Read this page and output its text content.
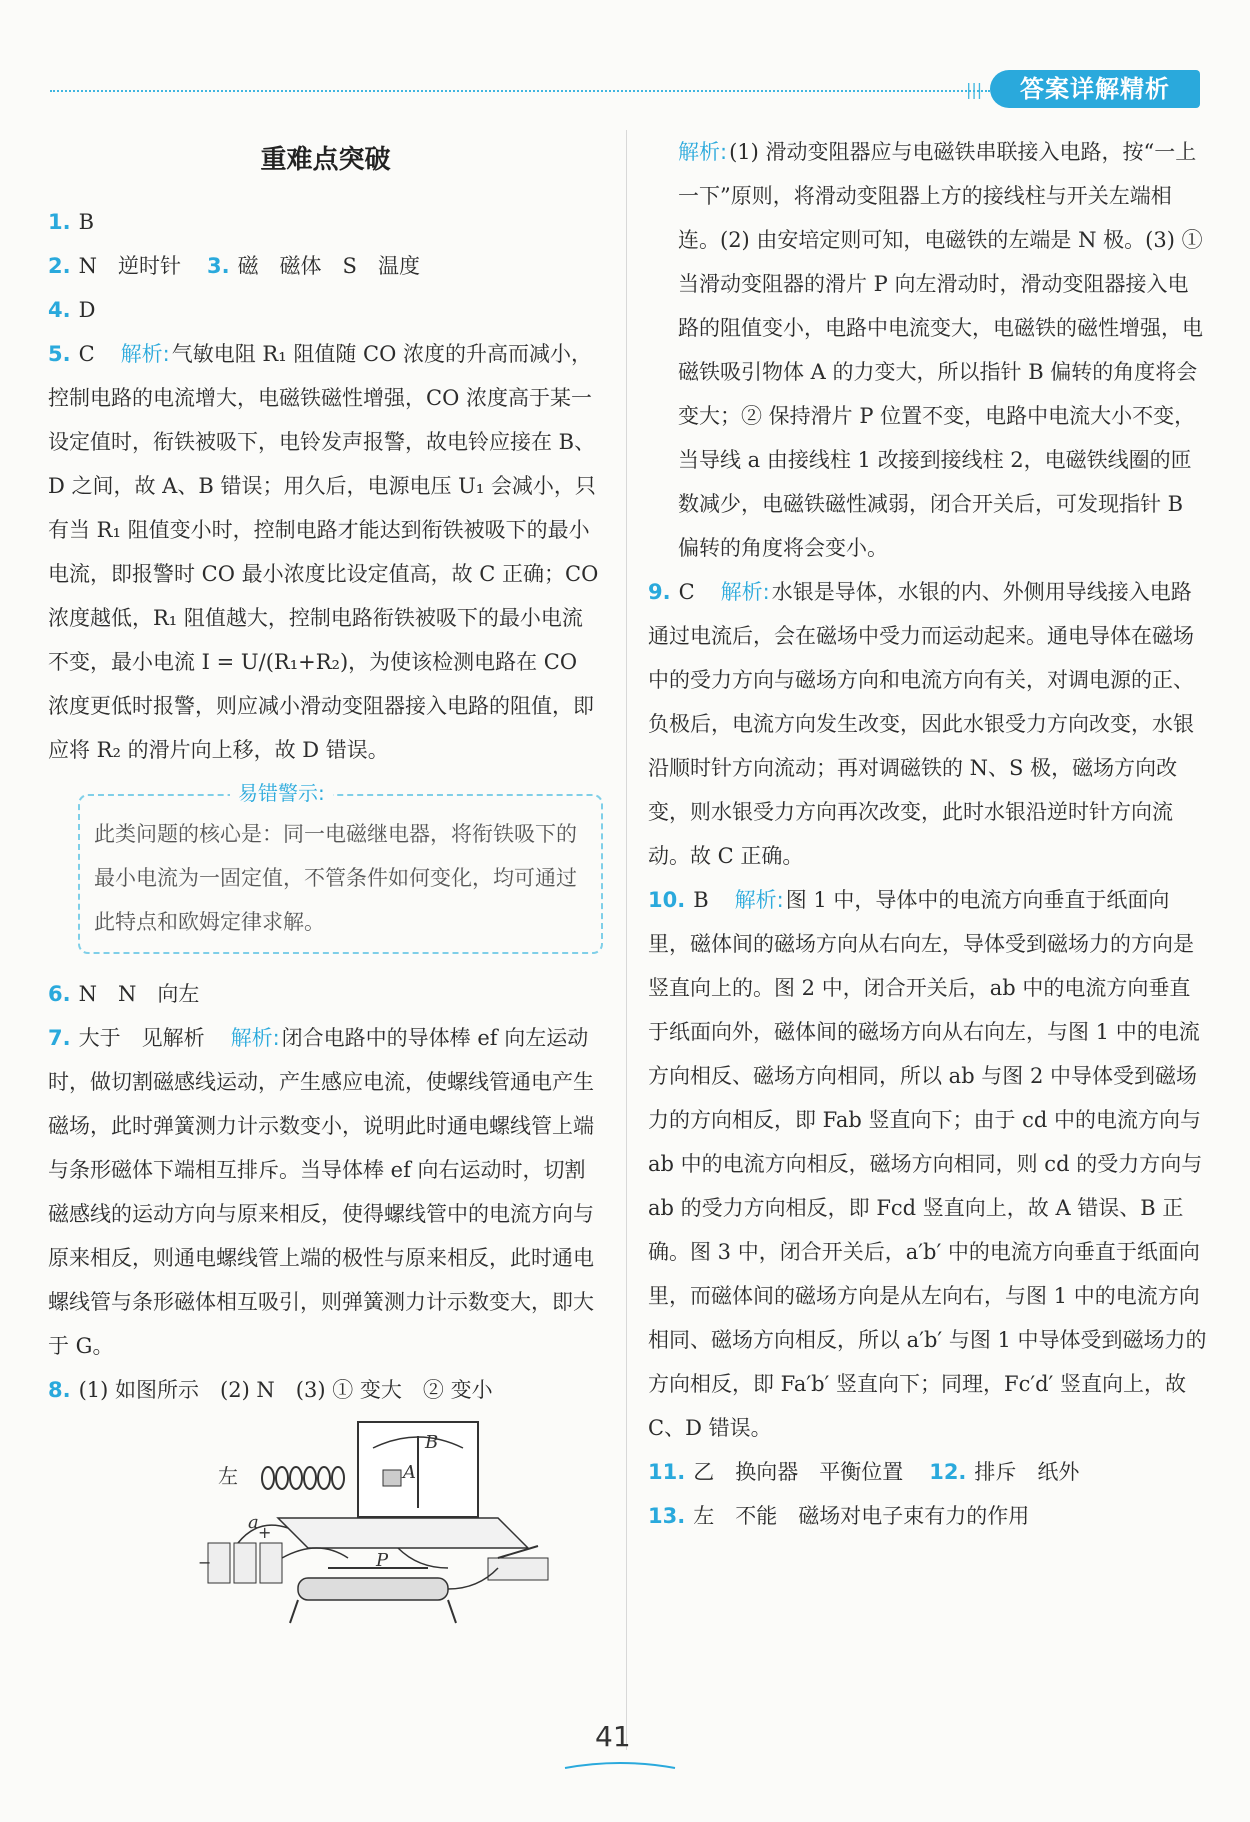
|||	答案详解精析
重难点突破
1. B
2. N　逆时针 3. 磁　磁体　S　温度
4. D
5. C 解析:气敏电阻 R₁ 阻值随 CO 浓度的升高而减小，控制电路的电流增大，电磁铁磁性增强，CO 浓度高于某一设定值时，衔铁被吸下，电铃发声报警，故电铃应接在 B、D 之间，故 A、B 错误；用久后，电源电压 U₁ 会减小，只有当 R₁ 阻值变小时，控制电路才能达到衔铁被吸下的最小电流，即报警时 CO 最小浓度比设定值高，故 C 正确；CO 浓度越低，R₁ 阻值越大，控制电路衔铁被吸下的最小电流不变，最小电流 I = U/(R₁+R₂)，为使该检测电路在 CO 浓度更低时报警，则应减小滑动变阻器接入电路的阻值，即应将 R₂ 的滑片向上移，故 D 错误。
易错警示:
此类问题的核心是：同一电磁继电器，将衔铁吸下的最小电流为一固定值，不管条件如何变化，均可通过此特点和欧姆定律求解。
6. N　N　向左
7. 大于　见解析 解析:闭合电路中的导体棒 ef 向左运动时，做切割磁感线运动，产生感应电流，使螺线管通电产生磁场，此时弹簧测力计示数变小，说明此时通电螺线管上端与条形磁体下端相互排斥。当导体棒 ef 向右运动时，切割磁感线的运动方向与原来相反，使得螺线管中的电流方向与原来相反，则通电螺线管上端的极性与原来相反，此时通电螺线管与条形磁体相互吸引，则弹簧测力计示数变大，即大于 G。
8. (1) 如图所示　(2) N　(3) ① 变大　② 变小
左
a
B
A
P
+
−
解析:(1) 滑动变阻器应与电磁铁串联接入电路，按“一上一下”原则，将滑动变阻器上方的接线柱与开关左端相连。(2) 由安培定则可知，电磁铁的左端是 N 极。(3) ① 当滑动变阻器的滑片 P 向左滑动时，滑动变阻器接入电路的阻值变小，电路中电流变大，电磁铁的磁性增强，电磁铁吸引物体 A 的力变大，所以指针 B 偏转的角度将会变大；② 保持滑片 P 位置不变，电路中电流大小不变，当导线 a 由接线柱 1 改接到接线柱 2，电磁铁线圈的匝数减少，电磁铁磁性减弱，闭合开关后，可发现指针 B 偏转的角度将会变小。
9. C 解析:水银是导体，水银的内、外侧用导线接入电路通过电流后，会在磁场中受力而运动起来。通电导体在磁场中的受力方向与磁场方向和电流方向有关，对调电源的正、负极后，电流方向发生改变，因此水银受力方向改变，水银沿顺时针方向流动；再对调磁铁的 N、S 极，磁场方向改变，则水银受力方向再次改变，此时水银沿逆时针方向流动。故 C 正确。
10. B 解析:图 1 中，导体中的电流方向垂直于纸面向里，磁体间的磁场方向从右向左，导体受到磁场力的方向是竖直向上的。图 2 中，闭合开关后，ab 中的电流方向垂直于纸面向外，磁体间的磁场方向从右向左，与图 1 中的电流方向相反、磁场方向相同，所以 ab 与图 2 中导体受到磁场力的方向相反，即 Fab 竖直向下；由于 cd 中的电流方向与 ab 中的电流方向相反，磁场方向相同，则 cd 的受力方向与 ab 的受力方向相反，即 Fcd 竖直向上，故 A 错误、B 正确。图 3 中，闭合开关后，a′b′ 中的电流方向垂直于纸面向里，而磁体间的磁场方向是从左向右，与图 1 中的电流方向相同、磁场方向相反，所以 a′b′ 与图 1 中导体受到磁场力的方向相反，即 Fa′b′ 竖直向下；同理，Fc′d′ 竖直向上，故 C、D 错误。
11. 乙　换向器　平衡位置 12. 排斥　纸外
13. 左　不能　磁场对电子束有力的作用
41
